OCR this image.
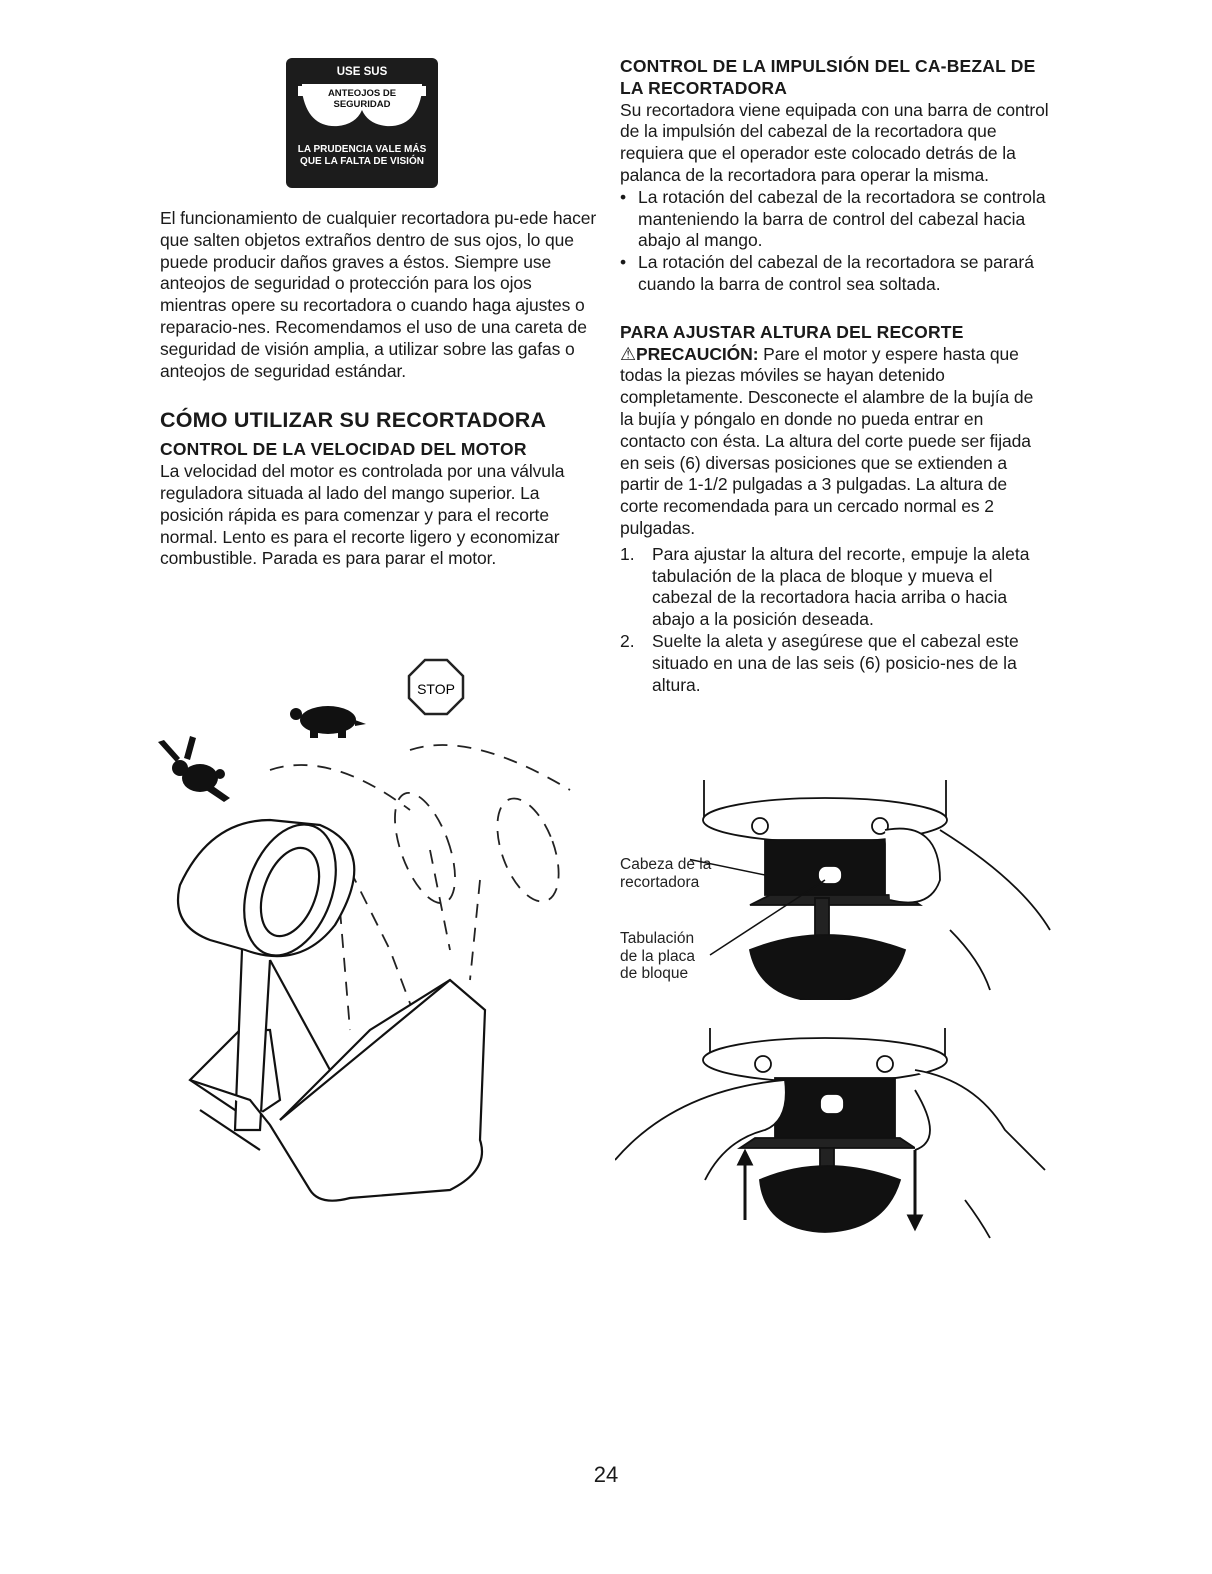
USE SUS
ANTEOJOS DE SEGURIDAD
LA PRUDENCIA VALE MÁS QUE LA FALTA DE VISIÓN

El funcionamiento de cualquier recortadora pu-ede hacer que salten objetos extraños dentro de sus ojos, lo que puede producir daños graves a éstos. Siempre use anteojos de seguridad o protección para los ojos mientras opere su recortadora o cuando haga ajustes o reparacio-nes. Recomendamos el uso de una careta de seguridad de visión amplia, a utilizar sobre las gafas o anteojos de seguridad estándar.

CÓMO UTILIZAR SU RECORTADORA

CONTROL DE LA VELOCIDAD DEL MOTOR

La velocidad del motor es controlada por una válvula reguladora situada al lado del mango superior. La posición rápida es para comenzar y para el recorte normal. Lento es para el recorte ligero y economizar combustible. Parada es para parar el motor.

STOP

CONTROL DE LA IMPULSIÓN DEL CA-BEZAL DE LA RECORTADORA

Su recortadora viene equipada con una barra de control de la impulsión del cabezal de la recortadora que requiera que el operador este colocado detrás de la palanca de la recortadora para operar la misma.

• La rotación del cabezal de la recortadora se controla manteniendo la barra de control del cabezal hacia abajo al mango.
• La rotación del cabezal de la recortadora se parará cuando la barra de control sea soltada.

PARA AJUSTAR ALTURA DEL RECORTE

⚠PRECAUCIÓN: Pare el motor y espere hasta que todas la piezas móviles se hayan detenido completamente. Desconecte el alambre de la bujía de la bujía y póngalo en donde no pueda entrar en contacto con ésta. La altura del corte puede ser fijada en seis (6) diversas posiciones que se extienden a partir de 1-1/2 pulgadas a 3 pulgadas. La altura de corte recomendada para un cercado normal es 2 pulgadas.

1. Para ajustar la altura del recorte, empuje la aleta tabulación de la placa de bloque y mueva el cabezal de la recortadora hacia arriba o hacia abajo a la posición deseada.
2. Suelte la aleta y asegúrese que el cabezal este situado en una de las seis (6) posicio-nes de la altura.
Cabeza de la recortadora
Tabulación de la placa de bloque
24
